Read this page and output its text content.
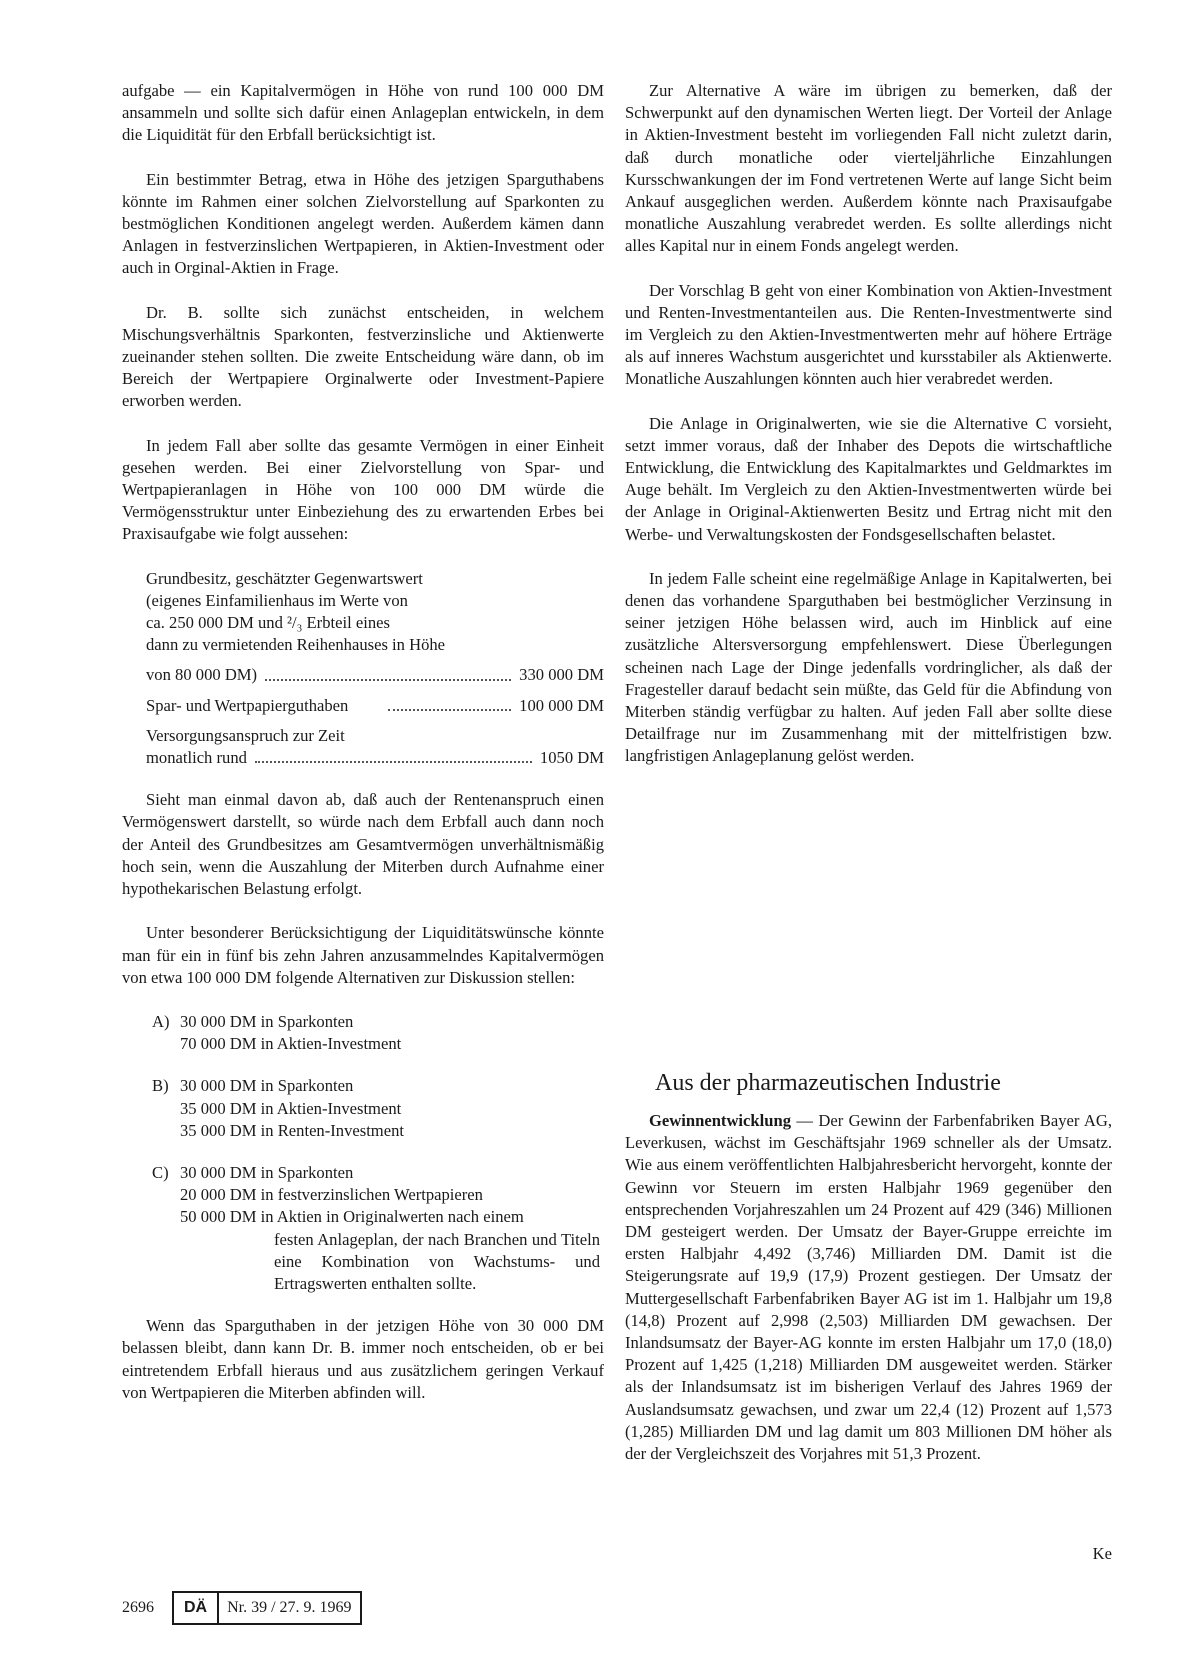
aufgabe — ein Kapitalvermögen in Höhe von rund 100 000 DM ansammeln und sollte sich dafür einen Anlageplan entwickeln, in dem die Liquidität für den Erbfall berücksichtigt ist.

Ein bestimmter Betrag, etwa in Höhe des jetzigen Sparguthabens könnte im Rahmen einer solchen Zielvorstellung auf Sparkonten zu bestmöglichen Konditionen angelegt werden. Außerdem kämen dann Anlagen in festverzinslichen Wertpapieren, in Aktien-Investment oder auch in Orginal-Aktien in Frage.

Dr. B. sollte sich zunächst entscheiden, in welchem Mischungsverhältnis Sparkonten, festverzinsliche und Aktienwerte zueinander stehen sollten. Die zweite Entscheidung wäre dann, ob im Bereich der Wertpapiere Orginalwerte oder Investment-Papiere erworben werden.

In jedem Fall aber sollte das gesamte Vermögen in einer Einheit gesehen werden. Bei einer Zielvorstellung von Spar- und Wertpapieranlagen in Höhe von 100 000 DM würde die Vermögensstruktur unter Einbeziehung des zu erwartenden Erbes bei Praxisaufgabe wie folgt aussehen:

Grundbesitz, geschätzter Gegenwartswert
(eigenes Einfamilienhaus im Werte von
ca. 250 000 DM und ²/₃ Erbteil eines
dann zu vermietenden Reihenhauses in Höhe
von 80 000 DM)	330 000 DM
Spar- und Wertpapierguthaben	100 000 DM
Versorgungsanspruch zur Zeit
monatlich rund	1050 DM

Sieht man einmal davon ab, daß auch der Rentenanspruch einen Vermögenswert darstellt, so würde nach dem Erbfall auch dann noch der Anteil des Grundbesitzes am Gesamtvermögen unverhältnismäßig hoch sein, wenn die Auszahlung der Miterben durch Aufnahme einer hypothekarischen Belastung erfolgt.

Unter besonderer Berücksichtigung der Liquiditätswünsche könnte man für ein in fünf bis zehn Jahren anzusammelndes Kapitalvermögen von etwa 100 000 DM folgende Alternativen zur Diskussion stellen:

A) 30 000 DM in Sparkonten
70 000 DM in Aktien-Investment
B) 30 000 DM in Sparkonten
35 000 DM in Aktien-Investment
35 000 DM in Renten-Investment
C) 30 000 DM in Sparkonten
20 000 DM in festverzinslichen Wertpapieren
50 000 DM in Aktien in Originalwerten nach einem
festen Anlageplan, der nach Branchen und Titeln eine Kombination von Wachstums- und Ertragswerten enthalten sollte.

Wenn das Sparguthaben in der jetzigen Höhe von 30 000 DM belassen bleibt, dann kann Dr. B. immer noch entscheiden, ob er bei eintretendem Erbfall hieraus und aus zusätzlichem geringen Verkauf von Wertpapieren die Miterben abfinden will.

Zur Alternative A wäre im übrigen zu bemerken, daß der Schwerpunkt auf den dynamischen Werten liegt. Der Vorteil der Anlage in Aktien-Investment besteht im vorliegenden Fall nicht zuletzt darin, daß durch monatliche oder vierteljährliche Einzahlungen Kursschwankungen der im Fond vertretenen Werte auf lange Sicht beim Ankauf ausgeglichen werden. Außerdem könnte nach Praxisaufgabe monatliche Auszahlung verabredet werden. Es sollte allerdings nicht alles Kapital nur in einem Fonds angelegt werden.

Der Vorschlag B geht von einer Kombination von Aktien-Investment und Renten-Investmentanteilen aus. Die Renten-Investmentwerte sind im Vergleich zu den Aktien-Investmentwerten mehr auf höhere Erträge als auf inneres Wachstum ausgerichtet und kursstabiler als Aktienwerte. Monatliche Auszahlungen könnten auch hier verabredet werden.

Die Anlage in Originalwerten, wie sie die Alternative C vorsieht, setzt immer voraus, daß der Inhaber des Depots die wirtschaftliche Entwicklung, die Entwicklung des Kapitalmarktes und Geldmarktes im Auge behält. Im Vergleich zu den Aktien-Investmentwerten würde bei der Anlage in Original-Aktienwerten Besitz und Ertrag nicht mit den Werbe- und Verwaltungskosten der Fondsgesellschaften belastet.

In jedem Falle scheint eine regelmäßige Anlage in Kapitalwerten, bei denen das vorhandene Sparguthaben bei bestmöglicher Verzinsung in seiner jetzigen Höhe belassen wird, auch im Hinblick auf eine zusätzliche Altersversorgung empfehlenswert. Diese Überlegungen scheinen nach Lage der Dinge jedenfalls vordringlicher, als daß der Fragesteller darauf bedacht sein müßte, das Geld für die Abfindung von Miterben ständig verfügbar zu halten. Auf jeden Fall aber sollte diese Detailfrage nur im Zusammenhang mit der mittelfristigen bzw. langfristigen Anlageplanung gelöst werden.

Aus der pharmazeutischen Industrie

Gewinnentwicklung — Der Gewinn der Farbenfabriken Bayer AG, Leverkusen, wächst im Geschäftsjahr 1969 schneller als der Umsatz. Wie aus einem veröffentlichten Halbjahresbericht hervorgeht, konnte der Gewinn vor Steuern im ersten Halbjahr 1969 gegenüber den entsprechenden Vorjahreszahlen um 24 Prozent auf 429 (346) Millionen DM gesteigert werden. Der Umsatz der Bayer-Gruppe erreichte im ersten Halbjahr 4,492 (3,746) Milliarden DM. Damit ist die Steigerungsrate auf 19,9 (17,9) Prozent gestiegen. Der Umsatz der Muttergesellschaft Farbenfabriken Bayer AG ist im 1. Halbjahr um 19,8 (14,8) Prozent auf 2,998 (2,503) Milliarden DM gewachsen. Der Inlandsumsatz der Bayer-AG konnte im ersten Halbjahr um 17,0 (18,0) Prozent auf 1,425 (1,218) Milliarden DM ausgeweitet werden. Stärker als der Inlandsumsatz ist im bisherigen Verlauf des Jahres 1969 der Auslandsumsatz gewachsen, und zwar um 22,4 (12) Prozent auf 1,573 (1,285) Milliarden DM und lag damit um 803 Millionen DM höher als der der Vergleichszeit des Vorjahres mit 51,3 Prozent.

Ke
2696	DÄ	Nr. 39 / 27. 9. 1969
